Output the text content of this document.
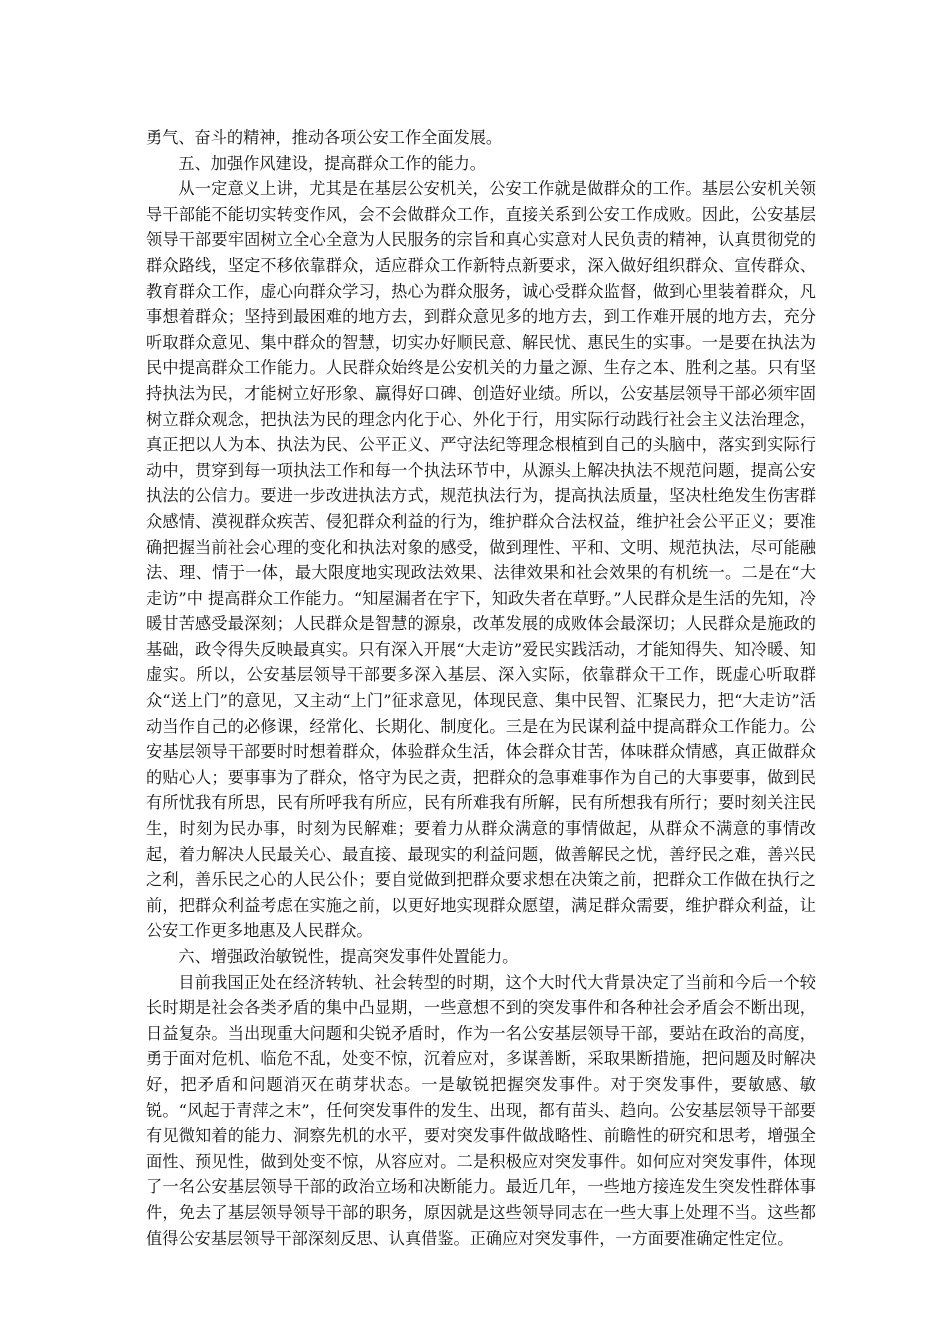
勇气、奋斗的精神，推动各项公安工作全面发展。

五、加强作风建设，提高群众工作的能力。

从一定意义上讲，尤其是在基层公安机关，公安工作就是做群众的工作。基层公安机关领导干部能不能切实转变作风，会不会做群众工作，直接关系到公安工作成败。因此，公安基层领导干部要牢固树立全心全意为人民服务的宗旨和真心实意对人民负责的精神，认真贯彻党的群众路线，坚定不移依靠群众，适应群众工作新特点新要求，深入做好组织群众、宣传群众、教育群众工作，虚心向群众学习，热心为群众服务，诚心受群众监督，做到心里装着群众，凡事想着群众；坚持到最困难的地方去，到群众意见多的地方去，到工作难开展的地方去，充分听取群众意见、集中群众的智慧，切实办好顺民意、解民忧、惠民生的实事。一是要在执法为民中提高群众工作能力。人民群众始终是公安机关的力量之源、生存之本、胜利之基。只有坚持执法为民，才能树立好形象、赢得好口碑、创造好业绩。所以，公安基层领导干部必须牢固树立群众观念，把执法为民的理念内化于心、外化于行，用实际行动践行社会主义法治理念，真正把以人为本、执法为民、公平正义、严守法纪等理念根植到自己的头脑中，落实到实际行动中，贯穿到每一项执法工作和每一个执法环节中，从源头上解决执法不规范问题，提高公安执法的公信力。要进一步改进执法方式，规范执法行为，提高执法质量，坚决杜绝发生伤害群众感情、漠视群众疾苦、侵犯群众利益的行为，维护群众合法权益，维护社会公平正义；要准确把握当前社会心理的变化和执法对象的感受，做到理性、平和、文明、规范执法，尽可能融法、理、情于一体，最大限度地实现政法效果、法律效果和社会效果的有机统一。二是在“大走访”中 提高群众工作能力。“知屋漏者在宇下，知政失者在草野。”人民群众是生活的先知，冷暖甘苦感受最深刻；人民群众是智慧的源泉，改革发展的成败体会最深切；人民群众是施政的基础，政令得失反映最真实。只有深入开展“大走访”爱民实践活动，才能知得失、知冷暖、知虚实。所以，公安基层领导干部要多深入基层、深入实际，依靠群众干工作，既虚心听取群众“送上门”的意见，又主动“上门”征求意见，体现民意、集中民智、汇聚民力，把“大走访”活动当作自己的必修课，经常化、长期化、制度化。三是在为民谋利益中提高群众工作能力。公安基层领导干部要时时想着群众，体验群众生活，体会群众甘苦，体味群众情感，真正做群众的贴心人；要事事为了群众，恪守为民之责，把群众的急事难事作为自己的大事要事，做到民有所忧我有所思，民有所呼我有所应，民有所难我有所解，民有所想我有所行；要时刻关注民生，时刻为民办事，时刻为民解难；要着力从群众满意的事情做起，从群众不满意的事情改起，着力解决人民最关心、最直接、最现实的利益问题，做善解民之忧，善纾民之难，善兴民之利，善乐民之心的人民公仆；要自觉做到把群众要求想在决策之前，把群众工作做在执行之前，把群众利益考虑在实施之前，以更好地实现群众愿望，满足群众需要，维护群众利益，让公安工作更多地惠及人民群众。

六、增强政治敏锐性，提高突发事件处置能力。

目前我国正处在经济转轨、社会转型的时期，这个大时代大背景决定了当前和今后一个较长时期是社会各类矛盾的集中凸显期，一些意想不到的突发事件和各种社会矛盾会不断出现，日益复杂。当出现重大问题和尖锐矛盾时，作为一名公安基层领导干部，要站在政治的高度，勇于面对危机、临危不乱，处变不惊，沉着应对，多谋善断，采取果断措施，把问题及时解决好，把矛盾和问题消灭在萌芽状态。一是敏锐把握突发事件。对于突发事件，要敏感、敏锐。“风起于青萍之末”，任何突发事件的发生、出现，都有苗头、趋向。公安基层领导干部要有见微知着的能力、洞察先机的水平，要对突发事件做战略性、前瞻性的研究和思考，增强全面性、预见性，做到处变不惊，从容应对。二是积极应对突发事件。如何应对突发事件，体现了一名公安基层领导干部的政治立场和决断能力。最近几年，一些地方接连发生突发性群体事件，免去了基层领导领导干部的职务，原因就是这些领导同志在一些大事上处理不当。这些都值得公安基层领导干部深刻反思、认真借鉴。正确应对突发事件，一方面要准确定性定位。
